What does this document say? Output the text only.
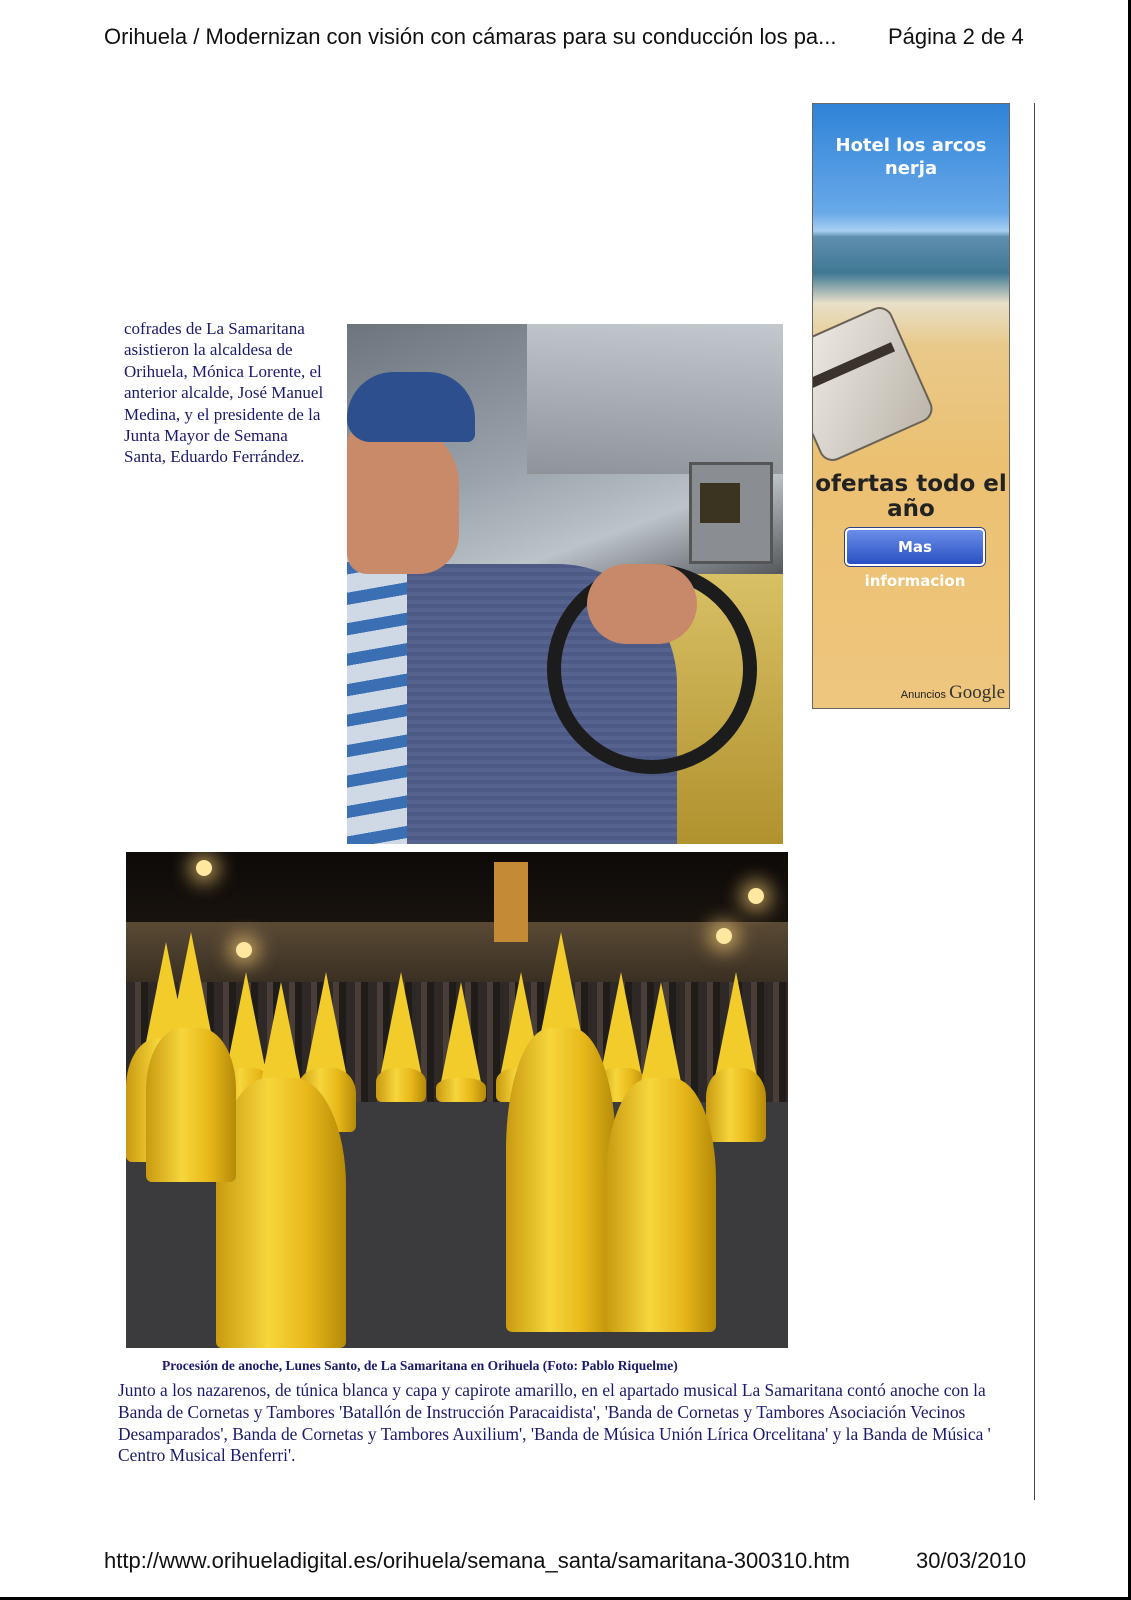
Orihuela / Modernizan con visión con cámaras para su conducción los pa... Página 2 de 4
Hotel los arcos nerja
ofertas todo el año
Mas informacion
Anuncios Google
cofrades de La Samaritana asistieron la alcaldesa de Orihuela, Mónica Lorente, el anterior alcalde, José Manuel Medina, y el presidente de la Junta Mayor de Semana Santa, Eduardo Ferrández.
Procesión de anoche, Lunes Santo, de La Samaritana en Orihuela (Foto: Pablo Riquelme)
Junto a los nazarenos, de túnica blanca y capa y capirote amarillo, en el apartado musical La Samaritana contó anoche con la Banda de Cornetas y Tambores 'Batallón de Instrucción Paracaidista', 'Banda de Cornetas y Tambores Asociación Vecinos Desamparados', Banda de Cornetas y Tambores Auxilium', 'Banda de Música Unión Lírica Orcelitana' y la Banda de Música ' Centro Musical Benferri'.
http://www.orihueladigital.es/orihuela/semana_santa/samaritana-300310.htm	30/03/2010
